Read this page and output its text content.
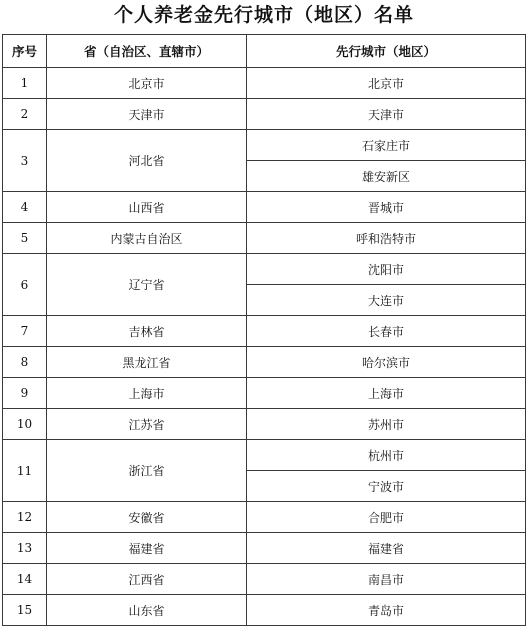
个人养老金先行城市（地区）名单
序号	省（自治区、直辖市）	先行城市（地区）
1	北京市	北京市
2	天津市	天津市
3	河北省	石家庄市
		雄安新区
4	山西省	晋城市
5	内蒙古自治区	呼和浩特市
6	辽宁省	沈阳市
		大连市
7	吉林省	长春市
8	黑龙江省	哈尔滨市
9	上海市	上海市
10	江苏省	苏州市
11	浙江省	杭州市
		宁波市
12	安徽省	合肥市
13	福建省	福建省
14	江西省	南昌市
15	山东省	青岛市
